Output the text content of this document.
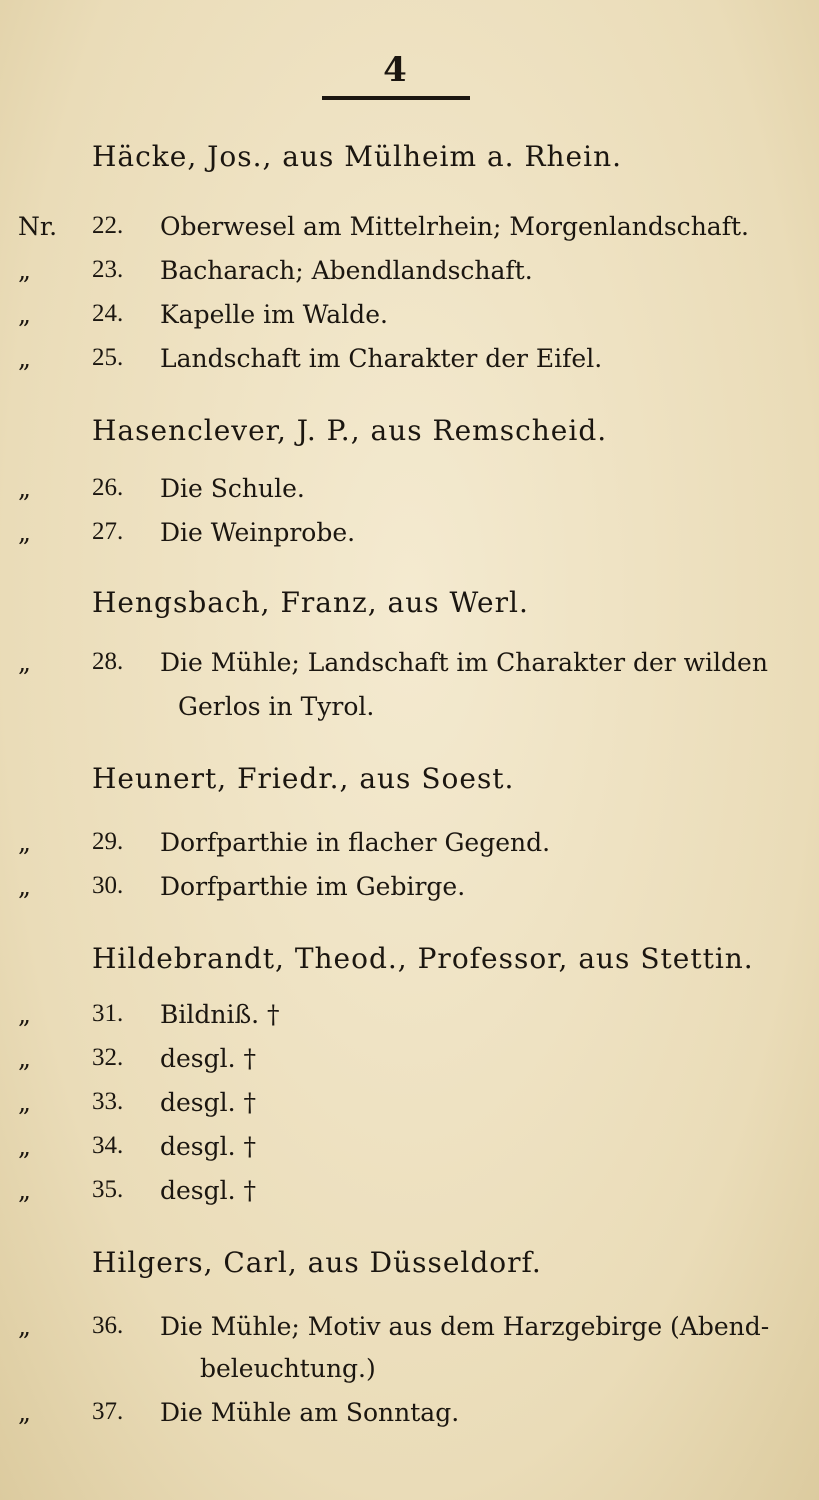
4
Häcke, Jos., aus Mülheim a. Rhein.
Nr.	22. Oberwesel am Mittelrhein; Morgenlandschaft.
„	23. Bacharach; Abendlandschaft.
„	24. Kapelle im Walde.
„	25. Landschaft im Charakter der Eifel.
Hasenclever, J. P., aus Remscheid.
„	26. Die Schule.
„	27. Die Weinprobe.
Hengsbach, Franz, aus Werl.
„	28. Die Mühle; Landschaft im Charakter der wilden
Gerlos in Tyrol.
Heunert, Friedr., aus Soest.
„	29. Dorfparthie in flacher Gegend.
„	30. Dorfparthie im Gebirge.
Hildebrandt, Theod., Professor, aus Stettin.
„	31. Bildniß. †
„	32. desgl. †
„	33. desgl. †
„	34. desgl. †
„	35. desgl. †
Hilgers, Carl, aus Düsseldorf.
„	36. Die Mühle; Motiv aus dem Harzgebirge (Abend-
beleuchtung.)
„	37. Die Mühle am Sonntag.
